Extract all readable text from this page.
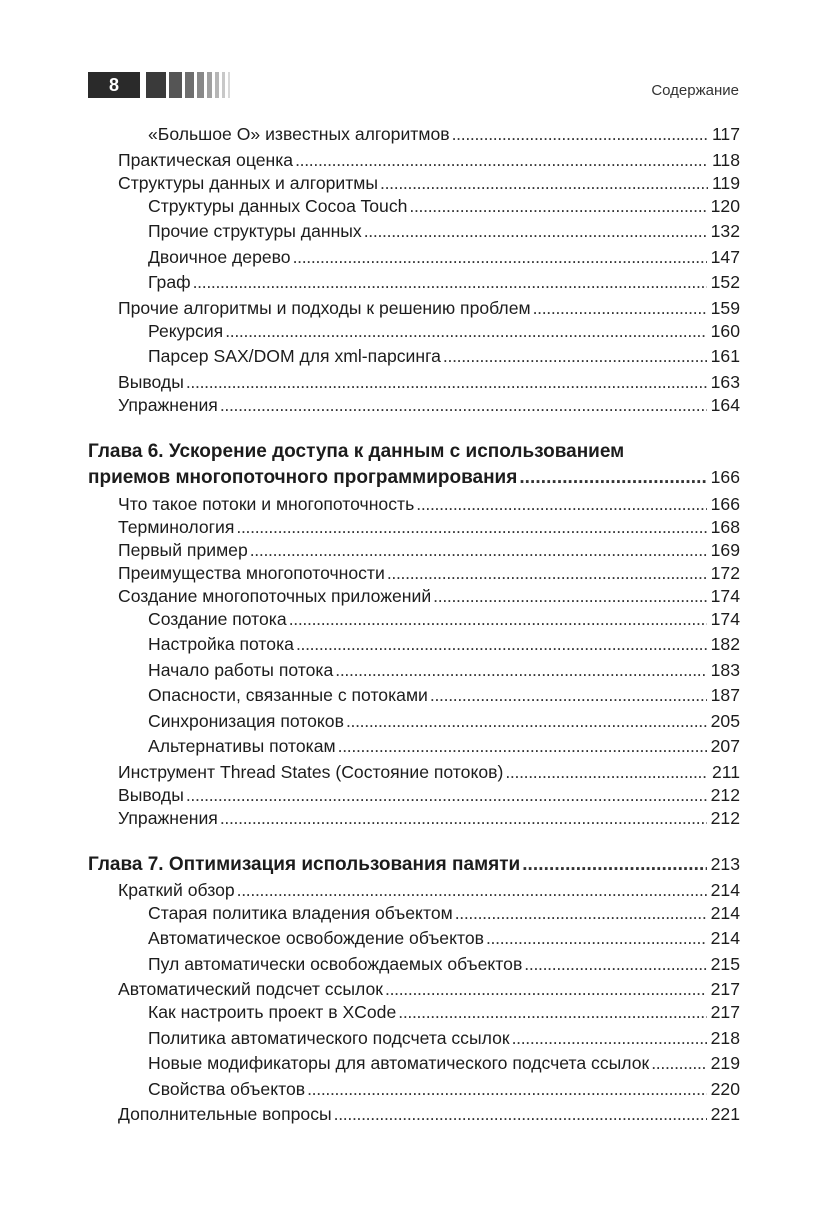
8	Содержание
«Большое О» известных алгоритмов . . .	117
Практическая оценка . . .	118
Структуры данных и алгоритмы . . .	119
Структуры данных Cocoa Touch . . .	120
Прочие структуры данных . . .	132
Двоичное дерево . . .	147
Граф . . .	152
Прочие алгоритмы и подходы к решению проблем . . .	159
Рекурсия . . .	160
Парсер SAX/DOM для xml-парсинга . . .	161
Выводы . . .	163
Упражнения . . .	164
Глава 6. Ускорение доступа к данным с использованием
приемов многопоточного программирования . . .	166
Что такое потоки и многопоточность . . .	166
Терминология . . .	168
Первый пример . . .	169
Преимущества многопоточности . . .	172
Создание многопоточных приложений . . .	174
Создание потока . . .	174
Настройка потока . . .	182
Начало работы потока . . .	183
Опасности, связанные с потоками . . .	187
Синхронизация потоков . . .	205
Альтернативы потокам . . .	207
Инструмент Thread States (Состояние потоков) . . .	211
Выводы . . .	212
Упражнения . . .	212
Глава 7. Оптимизация использования памяти . . .	213
Краткий обзор . . .	214
Старая политика владения объектом . . .	214
Автоматическое освобождение объектов . . .	214
Пул автоматически освобождаемых объектов . . .	215
Автоматический подсчет ссылок . . .	217
Как настроить проект в XCode . . .	217
Политика автоматического подсчета ссылок . . .	218
Новые модификаторы для автоматического подсчета ссылок . . .	219
Свойства объектов . . .	220
Дополнительные вопросы . . .	221
